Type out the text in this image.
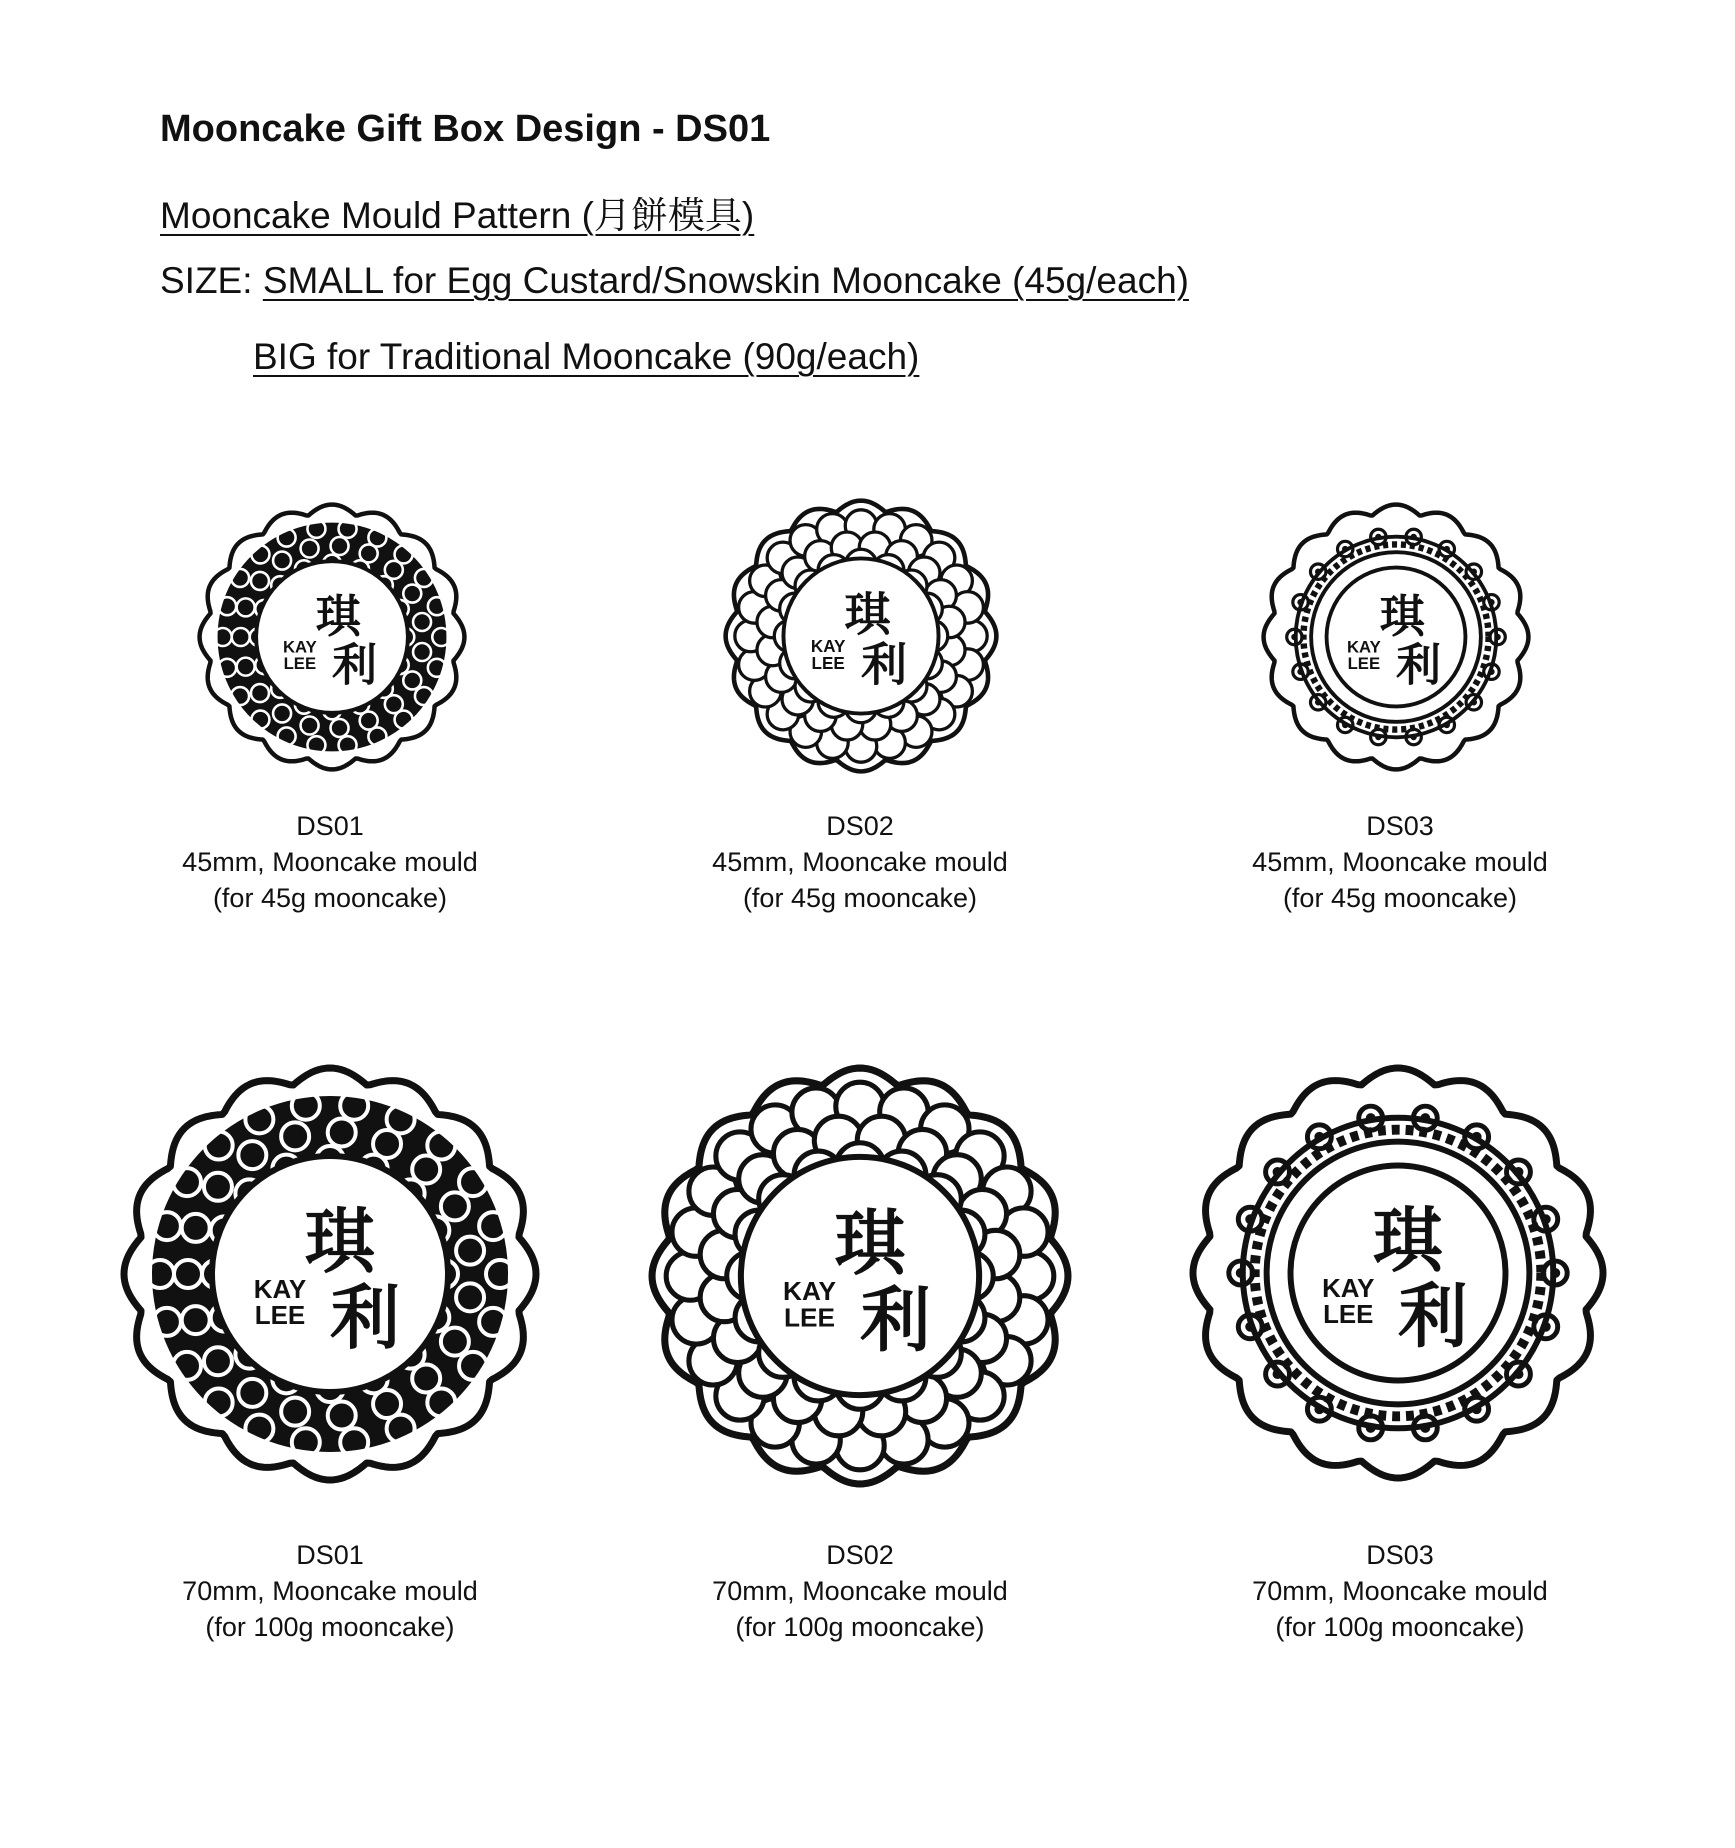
Mooncake Gift Box Design - DS01
Mooncake Mould Pattern (月餅模具)
SIZE: SMALL for Egg Custard/Snowskin Mooncake (45g/each)
BIG for Traditional Mooncake (90g/each)
琪
利
KAY
LEE
琪
利
KAY
LEE
琪
利
KAY
LEE
DS01
45mm, Mooncake mould
(for 45g mooncake)
DS02
45mm, Mooncake mould
(for 45g mooncake)
DS03
45mm, Mooncake mould
(for 45g mooncake)
琪
利
KAY
LEE
琪
利
KAY
LEE
琪
利
KAY
LEE
DS01
70mm, Mooncake mould
(for 100g mooncake)
DS02
70mm, Mooncake mould
(for 100g mooncake)
DS03
70mm, Mooncake mould
(for 100g mooncake)
